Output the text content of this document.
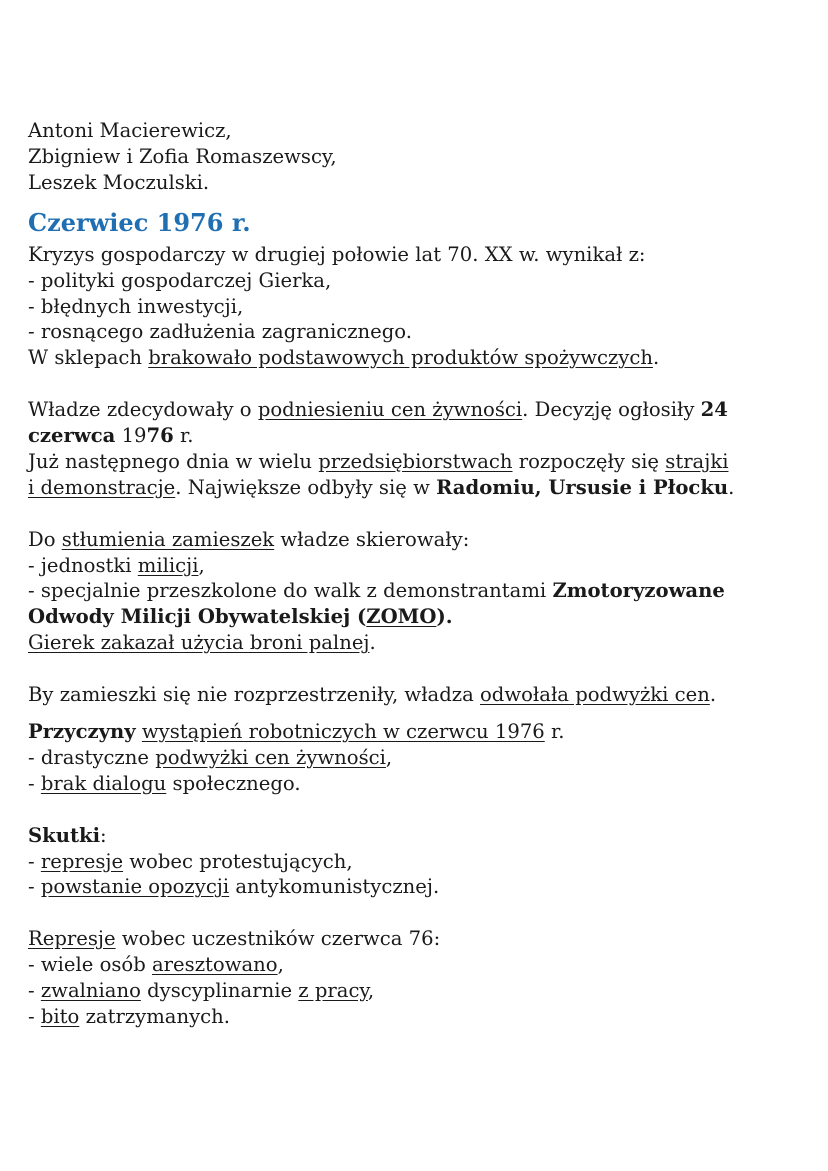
Antoni Macierewicz,
Zbigniew i Zofia Romaszewscy,
Leszek Moczulski.
Czerwiec 1976 r.
Kryzys gospodarczy w drugiej połowie lat 70. XX w. wynikał z:
- polityki gospodarczej Gierka,
- błędnych inwestycji,
- rosnącego zadłużenia zagranicznego.
W sklepach brakowało podstawowych produktów spożywczych.
Władze zdecydowały o podniesieniu cen żywności. Decyzję ogłosiły 24
czerwca 1976 r.
Już następnego dnia w wielu przedsiębiorstwach rozpoczęły się strajki
i demonstracje. Największe odbyły się w Radomiu, Ursusie i Płocku.
Do stłumienia zamieszek władze skierowały:
- jednostki milicji,
- specjalnie przeszkolone do walk z demonstrantami Zmotoryzowane
Odwody Milicji Obywatelskiej (ZOMO).
Gierek zakazał użycia broni palnej.
By zamieszki się nie rozprzestrzeniły, władza odwołała podwyżki cen.
Przyczyny wystąpień robotniczych w czerwcu 1976 r.
- drastyczne podwyżki cen żywności,
- brak dialogu społecznego.
Skutki:
- represje wobec protestujących,
- powstanie opozycji antykomunistycznej.
Represje wobec uczestników czerwca 76:
- wiele osób aresztowano,
- zwalniano dyscyplinarnie z pracy,
- bito zatrzymanych.
